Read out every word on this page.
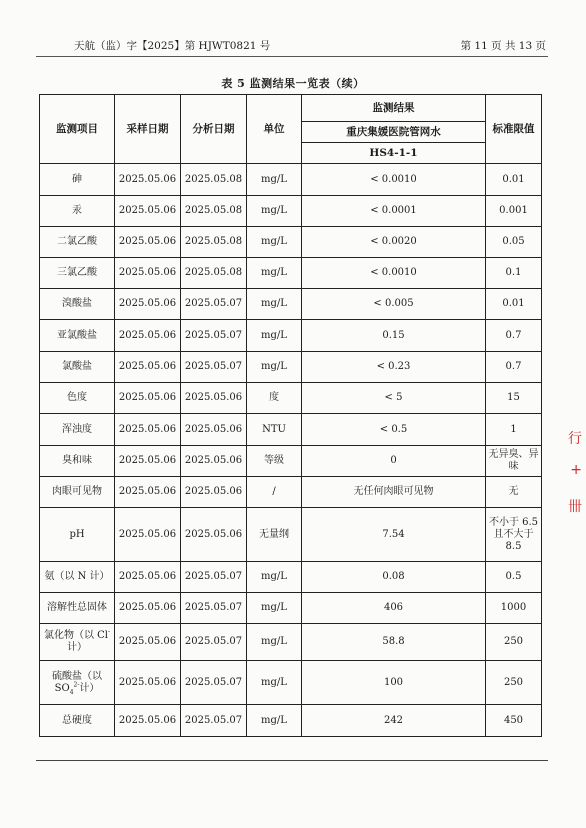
天航（监）字【2025】第 HJWT0821 号	第 11 页 共 13 页
表 5 监测结果一览表（续）
监测项目	采样日期	分析日期	单位	监测结果	标准限值
				重庆集媛医院管网水	
				HS4-1-1	
砷	2025.05.06	2025.05.08	mg/L	< 0.0010	0.01
汞	2025.05.06	2025.05.08	mg/L	< 0.0001	0.001
二氯乙酸	2025.05.06	2025.05.08	mg/L	< 0.0020	0.05
三氯乙酸	2025.05.06	2025.05.08	mg/L	< 0.0010	0.1
溴酸盐	2025.05.06	2025.05.07	mg/L	< 0.005	0.01
亚氯酸盐	2025.05.06	2025.05.07	mg/L	0.15	0.7
氯酸盐	2025.05.06	2025.05.07	mg/L	< 0.23	0.7
色度	2025.05.06	2025.05.06	度	< 5	15
浑浊度	2025.05.06	2025.05.06	NTU	< 0.5	1
臭和味	2025.05.06	2025.05.06	等级	0	无异臭、异味
肉眼可见物	2025.05.06	2025.05.06	/	无任何肉眼可见物	无
pH	2025.05.06	2025.05.06	无量纲	7.54	不小于 6.5 且不大于 8.5
氨（以 N 计）	2025.05.06	2025.05.07	mg/L	0.08	0.5
溶解性总固体	2025.05.06	2025.05.07	mg/L	406	1000
氯化物（以 Cl-计）	2025.05.06	2025.05.07	mg/L	58.8	250
硫酸盐（以 $SO_4^{2-}$计）	2025.05.06	2025.05.07	mg/L	100	250
总硬度	2025.05.06	2025.05.07	mg/L	242	450
行
+
卌
